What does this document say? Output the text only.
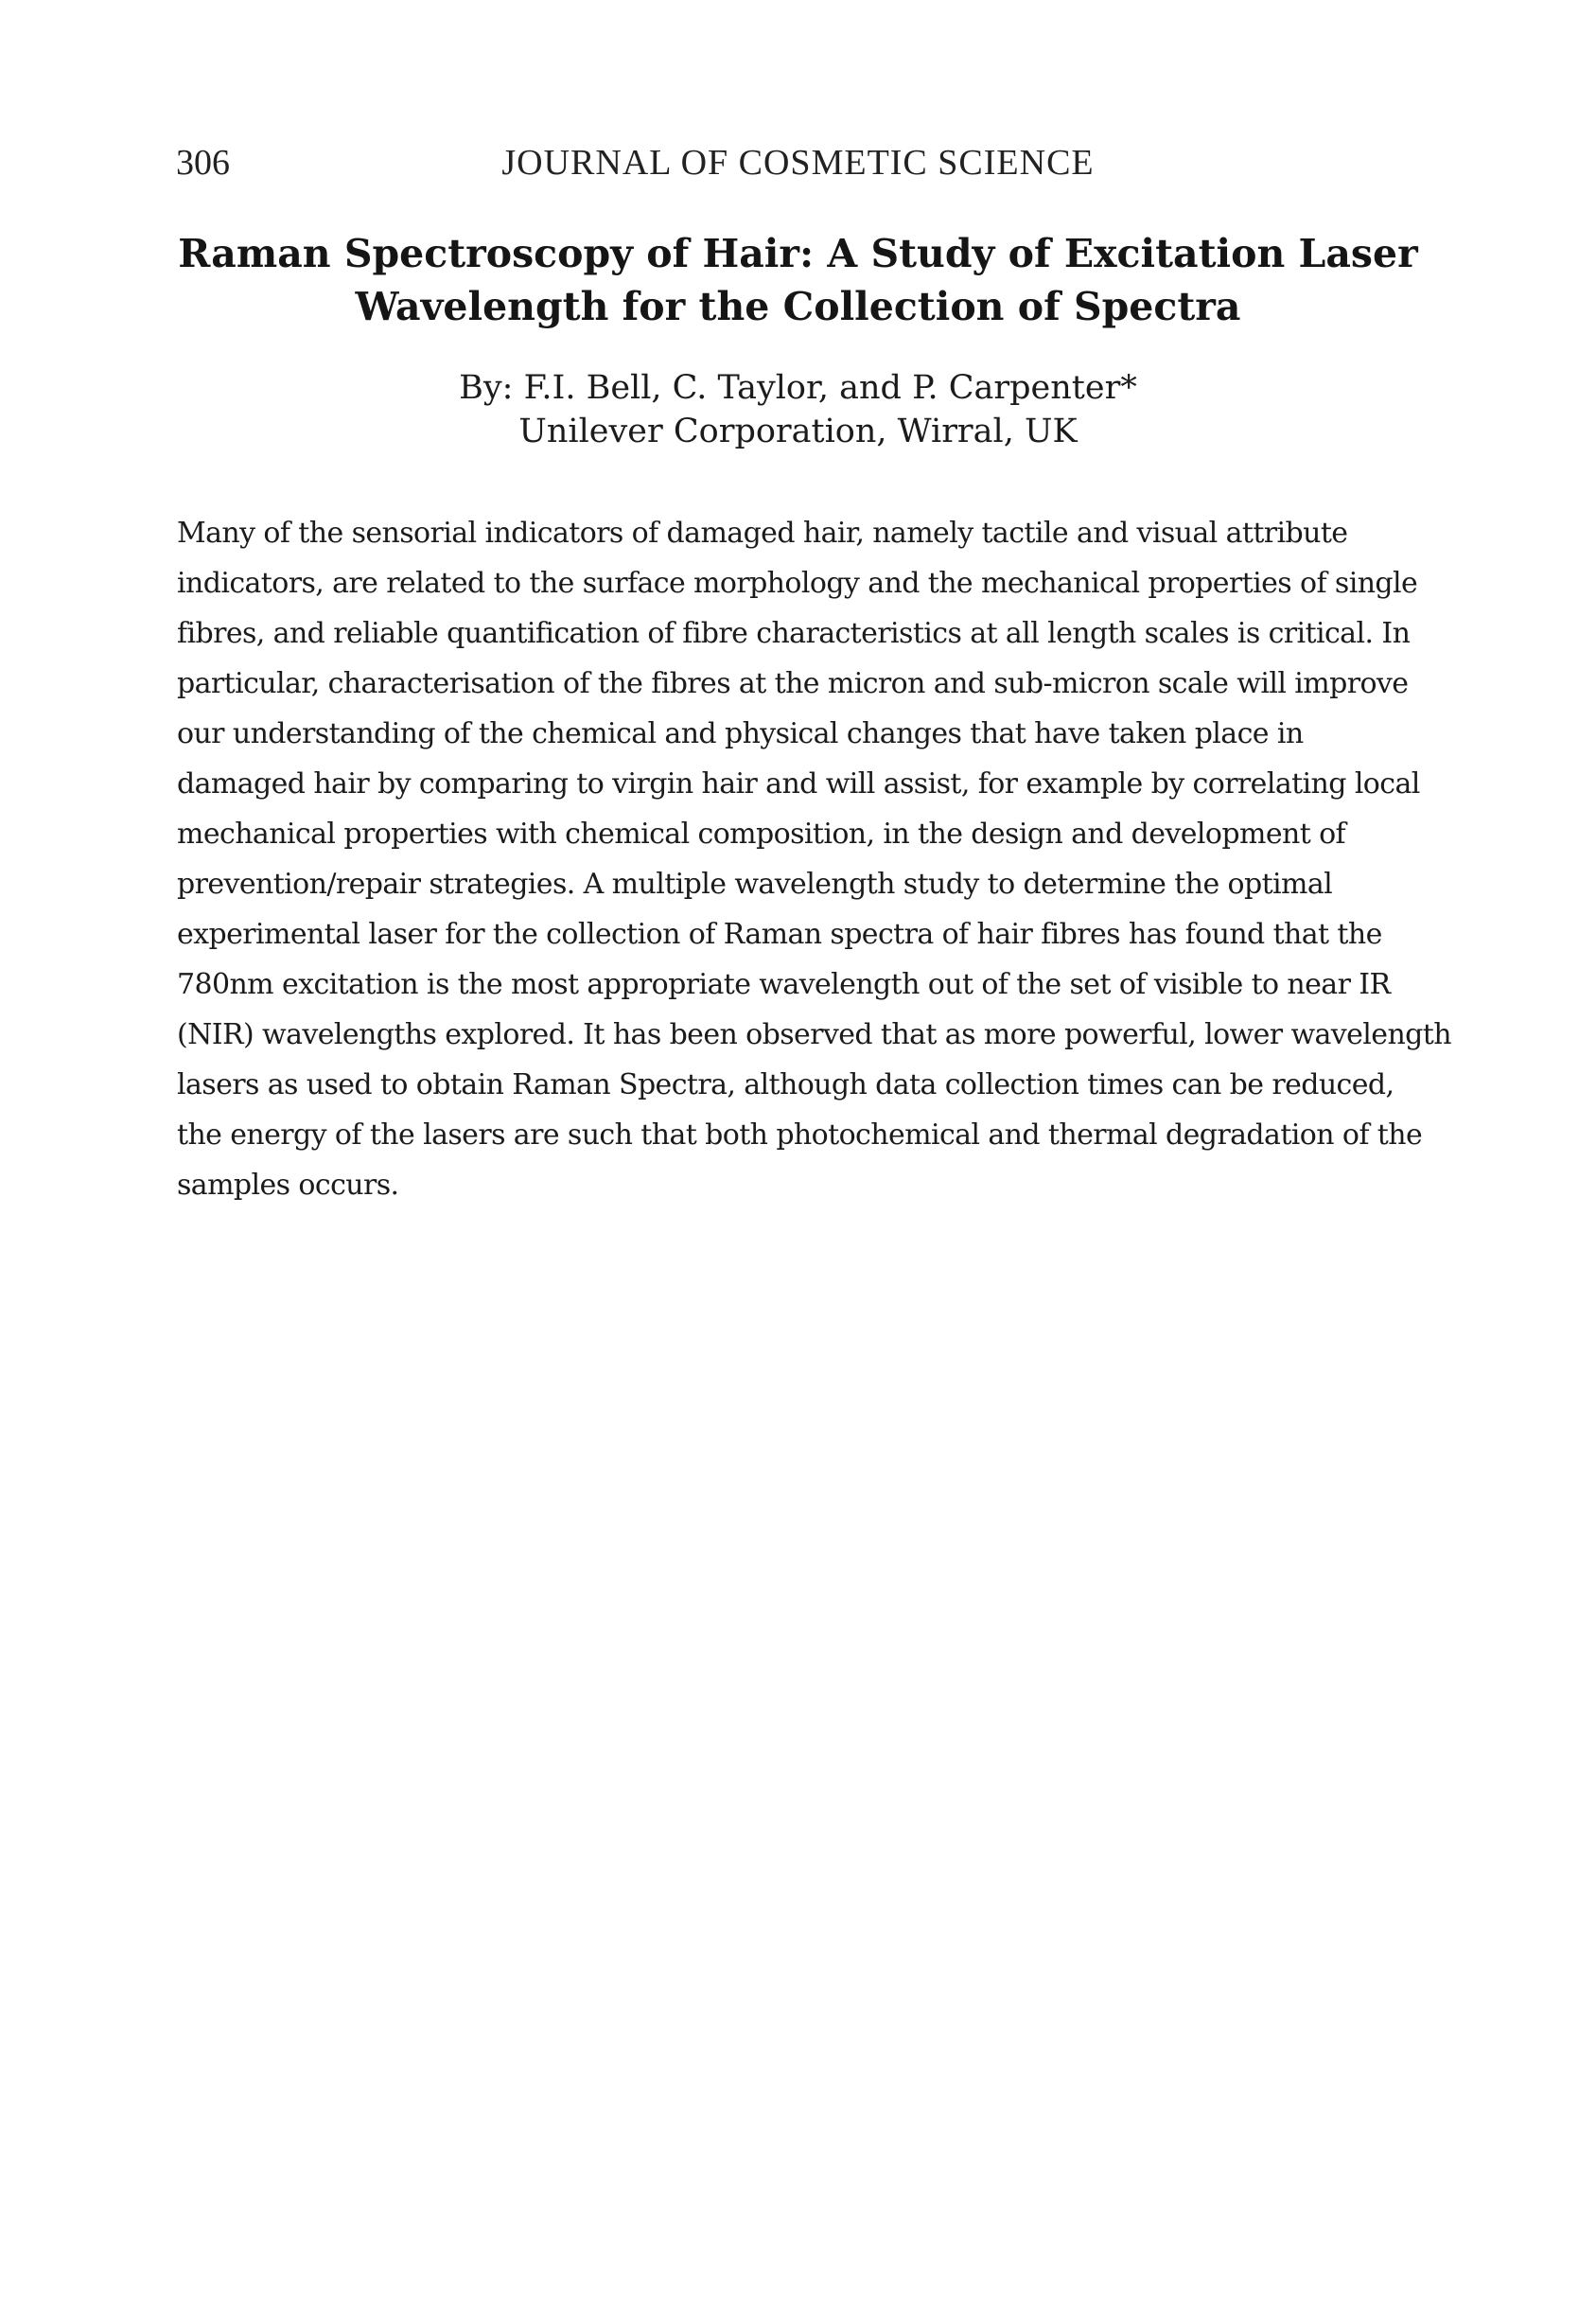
306	JOURNAL OF COSMETIC SCIENCE
Raman Spectroscopy of Hair: A Study of Excitation Laser
Wavelength for the Collection of Spectra
By: F.I. Bell, C. Taylor, and P. Carpenter*
Unilever Corporation, Wirral, UK
Many of the sensorial indicators of damaged hair, namely tactile and visual attribute
indicators, are related to the surface morphology and the mechanical properties of single
fibres, and reliable quantification of fibre characteristics at all length scales is critical. In
particular, characterisation of the fibres at the micron and sub-micron scale will improve
our understanding of the chemical and physical changes that have taken place in
damaged hair by comparing to virgin hair and will assist, for example by correlating local
mechanical properties with chemical composition, in the design and development of
prevention/repair strategies. A multiple wavelength study to determine the optimal
experimental laser for the collection of Raman spectra of hair fibres has found that the
780nm excitation is the most appropriate wavelength out of the set of visible to near IR
(NIR) wavelengths explored. It has been observed that as more powerful, lower wavelength
lasers as used to obtain Raman Spectra, although data collection times can be reduced,
the energy of the lasers are such that both photochemical and thermal degradation of the
samples occurs.
